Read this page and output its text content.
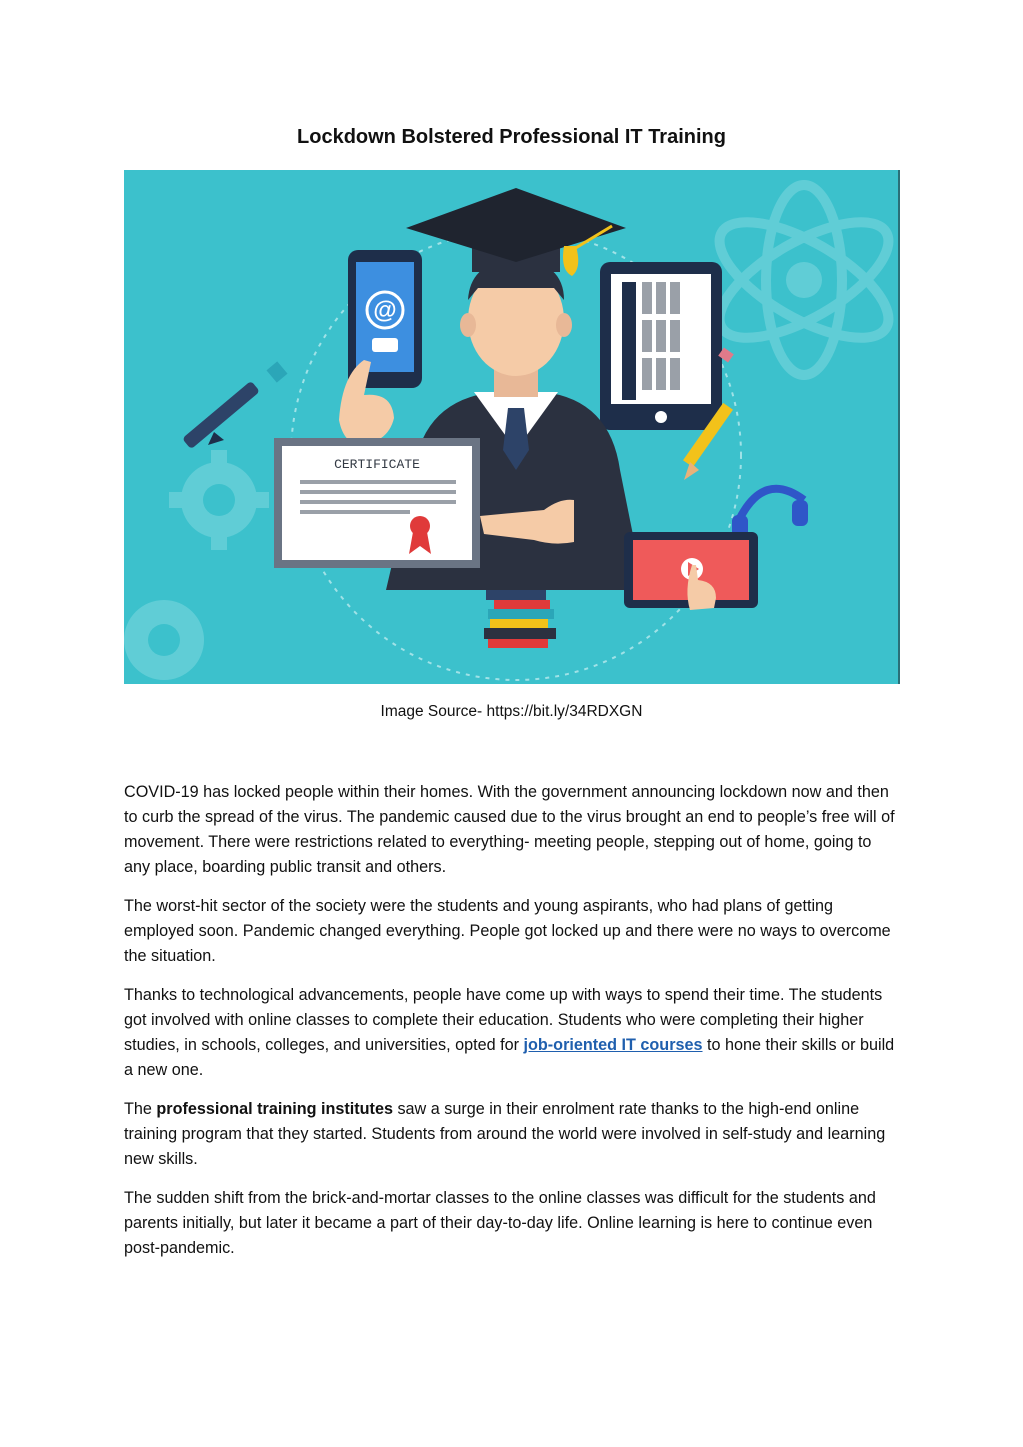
Lockdown Bolstered Professional IT Training
@
CERTIFICATE
Image Source- https://bit.ly/34RDXGN

COVID-19 has locked people within their homes. With the government announcing lockdown now and then to curb the spread of the virus. The pandemic caused due to the virus brought an end to people’s free will of movement. There were restrictions related to everything- meeting people, stepping out of home, going to any place, boarding public transit and others.

The worst-hit sector of the society were the students and young aspirants, who had plans of getting employed soon. Pandemic changed everything. People got locked up and there were no ways to overcome the situation.

Thanks to technological advancements, people have come up with ways to spend their time. The students got involved with online classes to complete their education. Students who were completing their higher studies, in schools, colleges, and universities, opted for job-oriented IT courses to hone their skills or build a new one.

The professional training institutes saw a surge in their enrolment rate thanks to the high-end online training program that they started. Students from around the world were involved in self-study and learning new skills.

The sudden shift from the brick-and-mortar classes to the online classes was difficult for the students and parents initially, but later it became a part of their day-to-day life. Online learning is here to continue even post-pandemic.
